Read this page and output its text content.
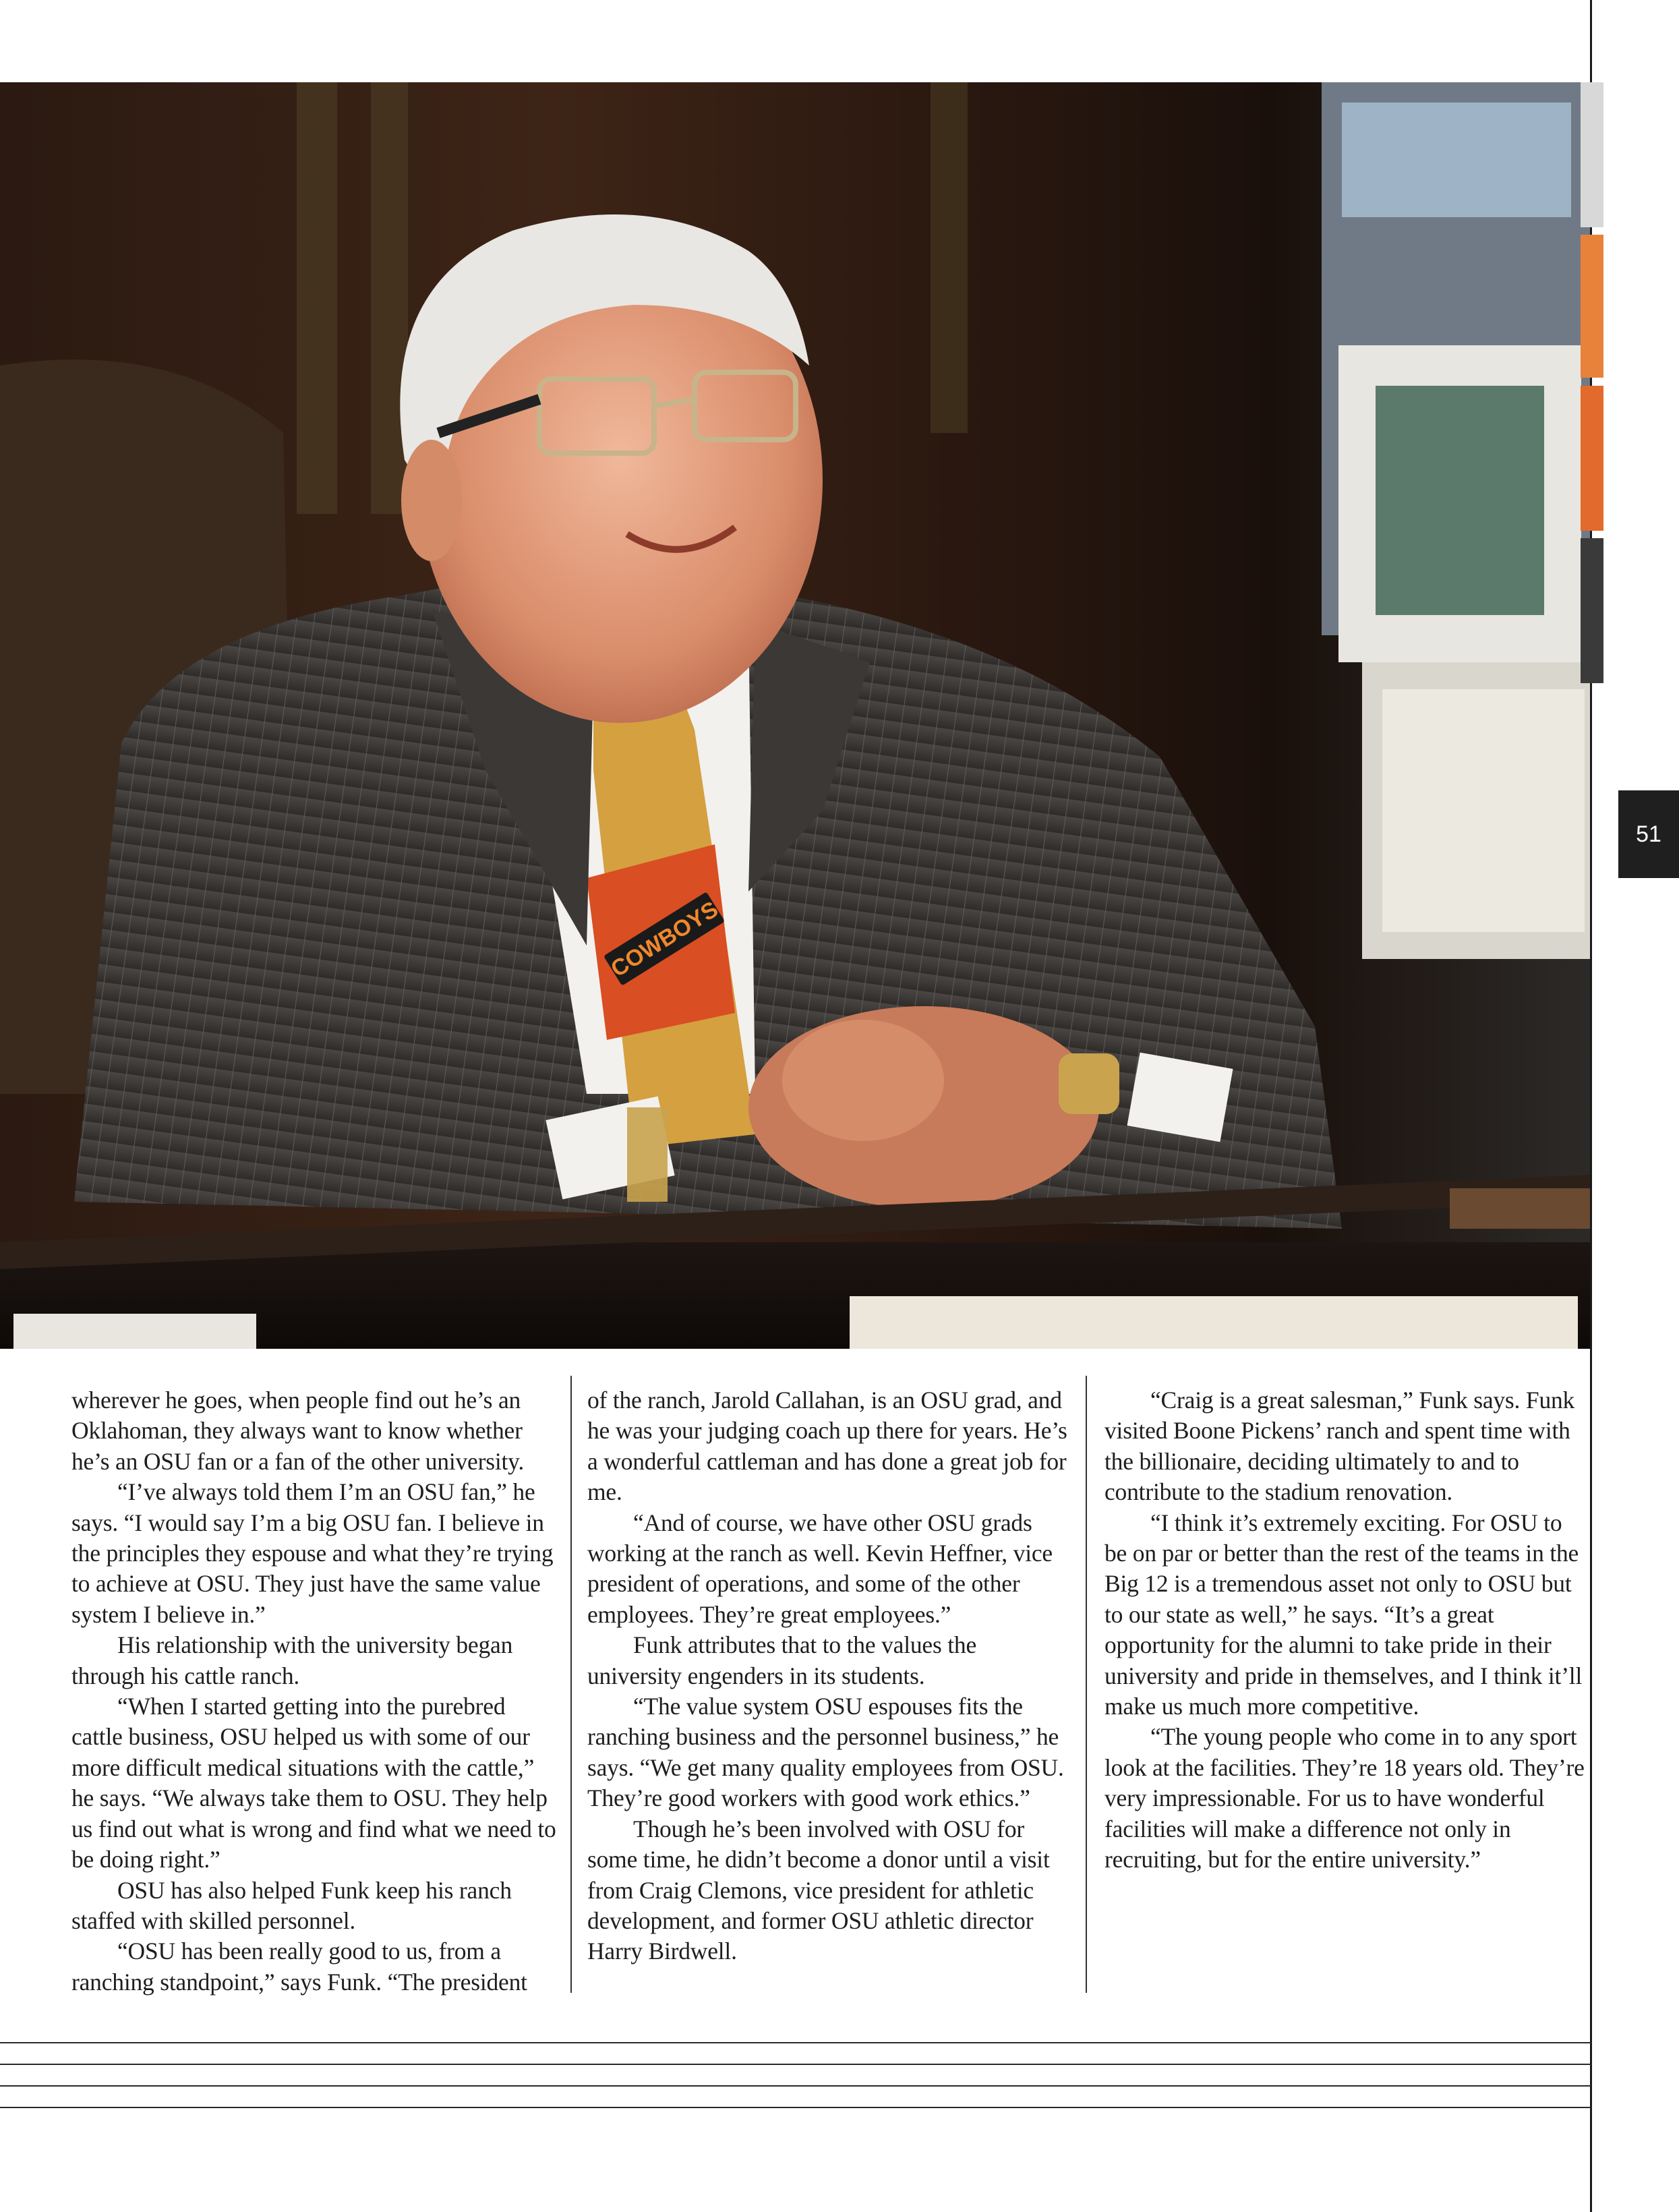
COWBOYS
51

wherever he goes, when people find out he’s an Oklahoman, they always want to know whether he’s an OSU fan or a fan of the other university.

“I’ve always told them I’m an OSU fan,” he says. “I would say I’m a big OSU fan. I believe in the principles they espouse and what they’re trying to achieve at OSU. They just have the same value system I believe in.”

His relationship with the university began through his cattle ranch.

“When I started getting into the purebred cattle business, OSU helped us with some of our more difficult medical situations with the cattle,” he says. “We always take them to OSU. They help us find out what is wrong and find what we need to be doing right.”

OSU has also helped Funk keep his ranch staffed with skilled personnel.

“OSU has been really good to us, from a ranching standpoint,” says Funk. “The president

of the ranch, Jarold Callahan, is an OSU grad, and he was your judging coach up there for years. He’s a wonderful cattleman and has done a great job for me.

“And of course, we have other OSU grads working at the ranch as well. Kevin Heffner, vice president of operations, and some of the other employees. They’re great employees.”

Funk attributes that to the values the university engenders in its students.

“The value system OSU espouses fits the ranching business and the personnel business,” he says. “We get many quality employees from OSU. They’re good workers with good work ethics.”

Though he’s been involved with OSU for some time, he didn’t become a donor until a visit from Craig Clemons, vice president for athletic development, and former OSU athletic director Harry Birdwell.

“Craig is a great salesman,” Funk says. Funk visited Boone Pickens’ ranch and spent time with the billionaire, deciding ultimately to and to contribute to the stadium renovation.

“I think it’s extremely exciting. For OSU to be on par or better than the rest of the teams in the Big 12 is a tremendous asset not only to OSU but to our state as well,” he says. “It’s a great opportunity for the alumni to take pride in their university and pride in themselves, and I think it’ll make us much more competitive.

“The young people who come in to any sport look at the facilities. They’re 18 years old. They’re very impressionable. For us to have wonderful facilities will make a difference not only in recruiting, but for the entire university.”
